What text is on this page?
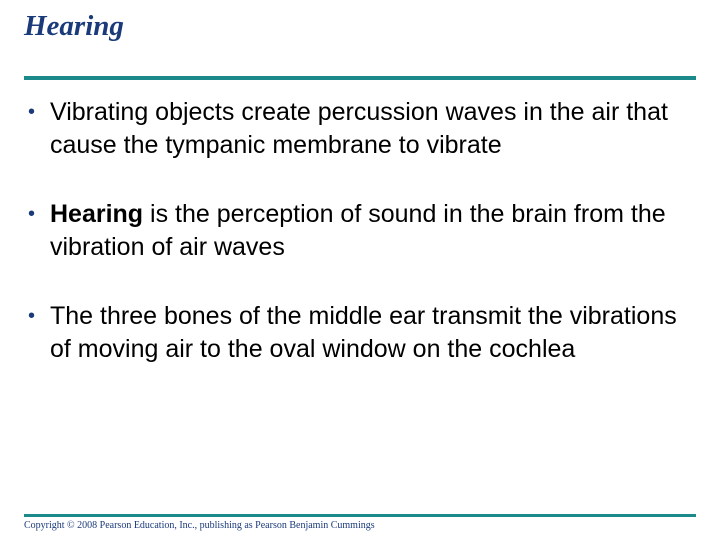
Hearing
• Vibrating objects create percussion waves in the air that cause the tympanic membrane to vibrate
• Hearing is the perception of sound in the brain from the vibration of air waves
• The three bones of the middle ear transmit the vibrations of moving air to the oval window on the cochlea
Copyright © 2008 Pearson Education, Inc., publishing as Pearson Benjamin Cummings
